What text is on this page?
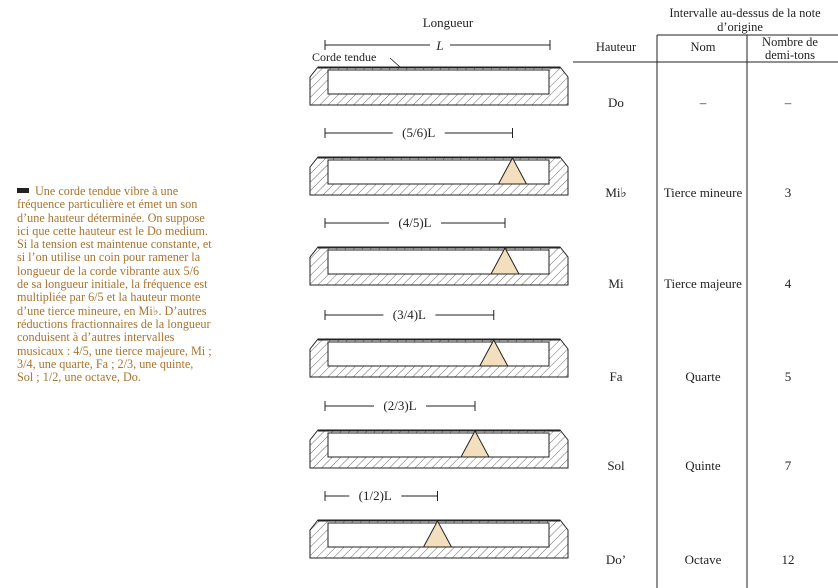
Une corde tendue vibre à une fréquence particulière et émet un son d’une hauteur déterminée. On suppose ici que cette hauteur est le Do medium. Si la tension est maintenue constante, et si l’on utilise un coin pour ramener la longueur de la corde vibrante aux 5/6 de sa longueur initiale, la fréquence est multipliée par 6/5 et la hauteur monte d’une tierce mineure, en Mi♭. D’autres réductions fractionnaires de la longueur conduisent à d’autres intervalles musicaux : 4/5, une tierce majeure, Mi ; 3/4, une quarte, Fa ; 2/3, une quinte, Sol ; 1/2, une octave, Do.
Longueur
L
Corde tendue
Intervalle au-dessus de la note
d’origine
Hauteur	Nom	Nombre de
demi-tons
Do	–	–
(5/6)L
Mi♭	Tierce mineure	3
(4/5)L
Mi	Tierce majeure	4
(3/4)L
Fa	Quarte	5
(2/3)L
Sol	Quinte	7
(1/2)L
Do’	Octave	12
